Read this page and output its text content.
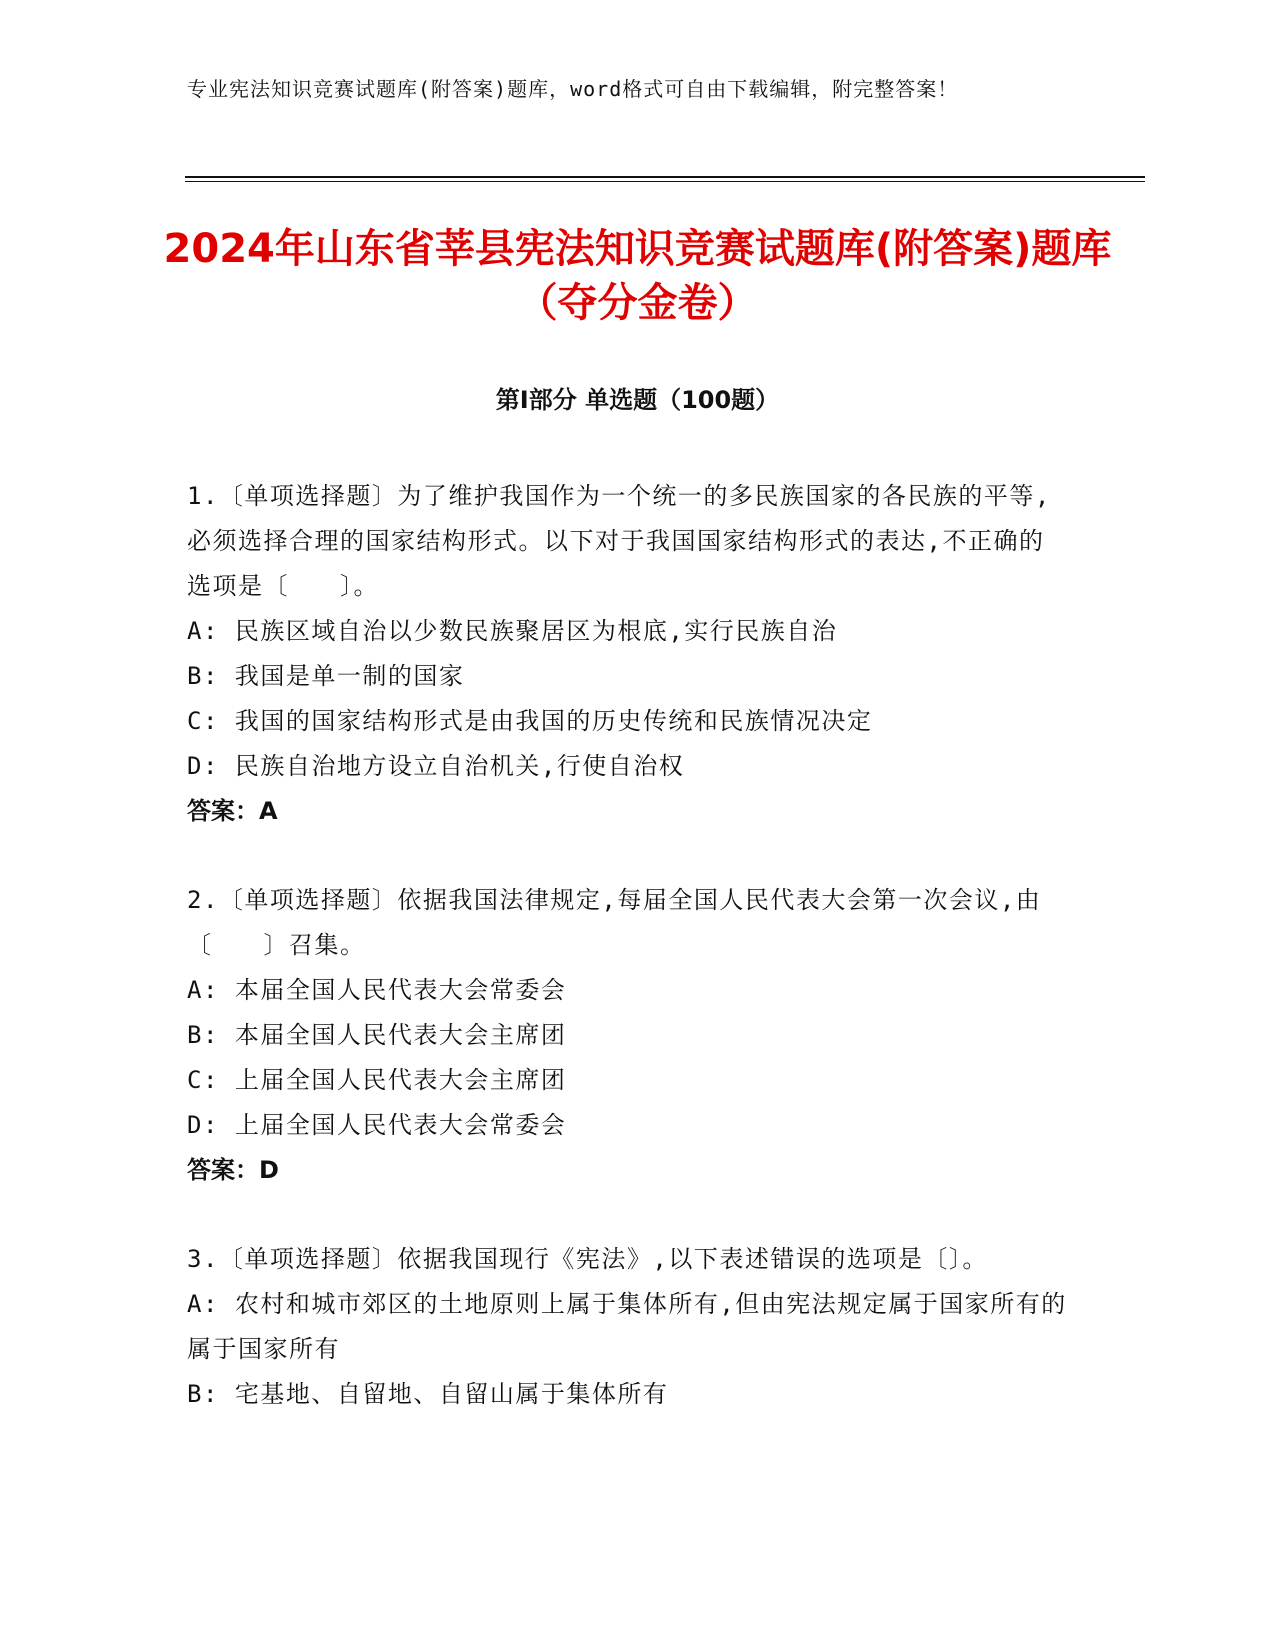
专业宪法知识竞赛试题库(附答案)题库，word格式可自由下载编辑，附完整答案！
2024年山东省莘县宪法知识竞赛试题库(附答案)题库（夺分金卷）
第Ⅰ部分 单选题（100题）
1.〔单项选择题〕为了维护我国作为一个统一的多民族国家的各民族的平等,必须选择合理的国家结构形式。以下对于我国国家结构形式的表达,不正确的选项是〔　　〕。
A: 民族区域自治以少数民族聚居区为根底,实行民族自治
B: 我国是单一制的国家
C: 我国的国家结构形式是由我国的历史传统和民族情况决定
D: 民族自治地方设立自治机关,行使自治权
答案：A
2.〔单项选择题〕依据我国法律规定,每届全国人民代表大会第一次会议,由〔　　〕召集。
A: 本届全国人民代表大会常委会
B: 本届全国人民代表大会主席团
C: 上届全国人民代表大会主席团
D: 上届全国人民代表大会常委会
答案：D
3.〔单项选择题〕依据我国现行《宪法》,以下表述错误的选项是〔〕。
A: 农村和城市郊区的土地原则上属于集体所有,但由宪法规定属于国家所有的属于国家所有
B: 宅基地、自留地、自留山属于集体所有
